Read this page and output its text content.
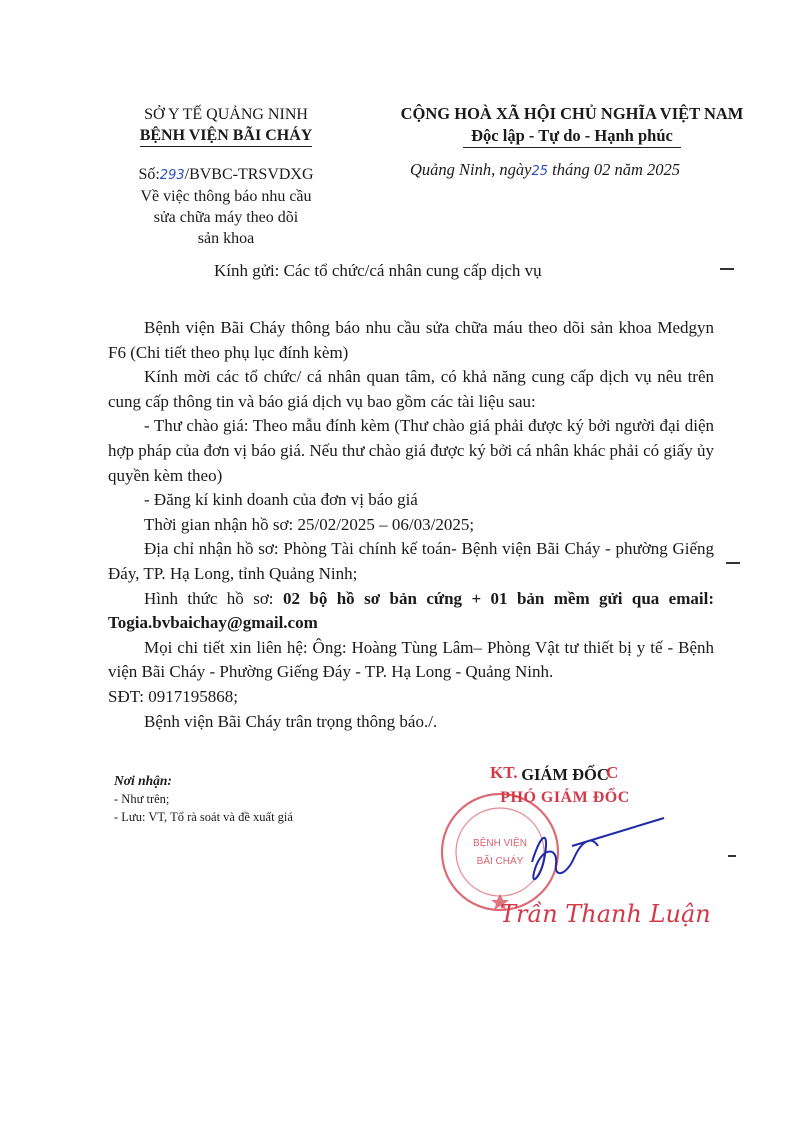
SỞ Y TẾ QUẢNG NINH
BỆNH VIỆN BÃI CHÁY
CỘNG HOÀ XÃ HỘI CHỦ NGHĨA VIỆT NAM
Độc lập - Tự do - Hạnh phúc
Số:293/BVBC-TRSVDXG
Về việc thông báo nhu cầu
sửa chữa máy theo dõi
sản khoa
Quảng Ninh, ngày25 tháng 02 năm 2025
Kính gửi: Các tổ chức/cá nhân cung cấp dịch vụ

Bệnh viện Bãi Cháy thông báo nhu cầu sửa chữa máu theo dõi sản khoa Medgyn F6 (Chi tiết theo phụ lục đính kèm)

Kính mời các tổ chức/ cá nhân quan tâm, có khả năng cung cấp dịch vụ nêu trên cung cấp thông tin và báo giá dịch vụ bao gồm các tài liệu sau:

- Thư chào giá: Theo mẫu đính kèm (Thư chào giá phải được ký bởi người đại diện hợp pháp của đơn vị báo giá. Nếu thư chào giá được ký bởi cá nhân khác phải có giấy ủy quyền kèm theo)

- Đăng kí kinh doanh của đơn vị báo giá

Thời gian nhận hồ sơ: 25/02/2025 – 06/03/2025;

Địa chỉ nhận hồ sơ: Phòng Tài chính kế toán- Bệnh viện Bãi Cháy - phường Giếng Đáy, TP. Hạ Long, tỉnh Quảng Ninh;

Hình thức hồ sơ: 02 bộ hồ sơ bản cứng + 01 bản mềm gửi qua email: Togia.bvbaichay@gmail.com

Mọi chi tiết xin liên hệ: Ông: Hoàng Tùng Lâm– Phòng Vật tư thiết bị y tế - Bệnh viện Bãi Cháy - Phường Giếng Đáy - TP. Hạ Long - Quảng Ninh.

SĐT: 0917195868;

Bệnh viện Bãi Cháy trân trọng thông báo./.

Nơi nhận:
- Như trên;
- Lưu: VT, Tổ rà soát và đề xuất giá
KT.	C
GIÁM ĐỐC
PHÓ GIÁM ĐỐC
BỆNH VIỆN
BÃI CHÁY
Trần Thanh Luận
